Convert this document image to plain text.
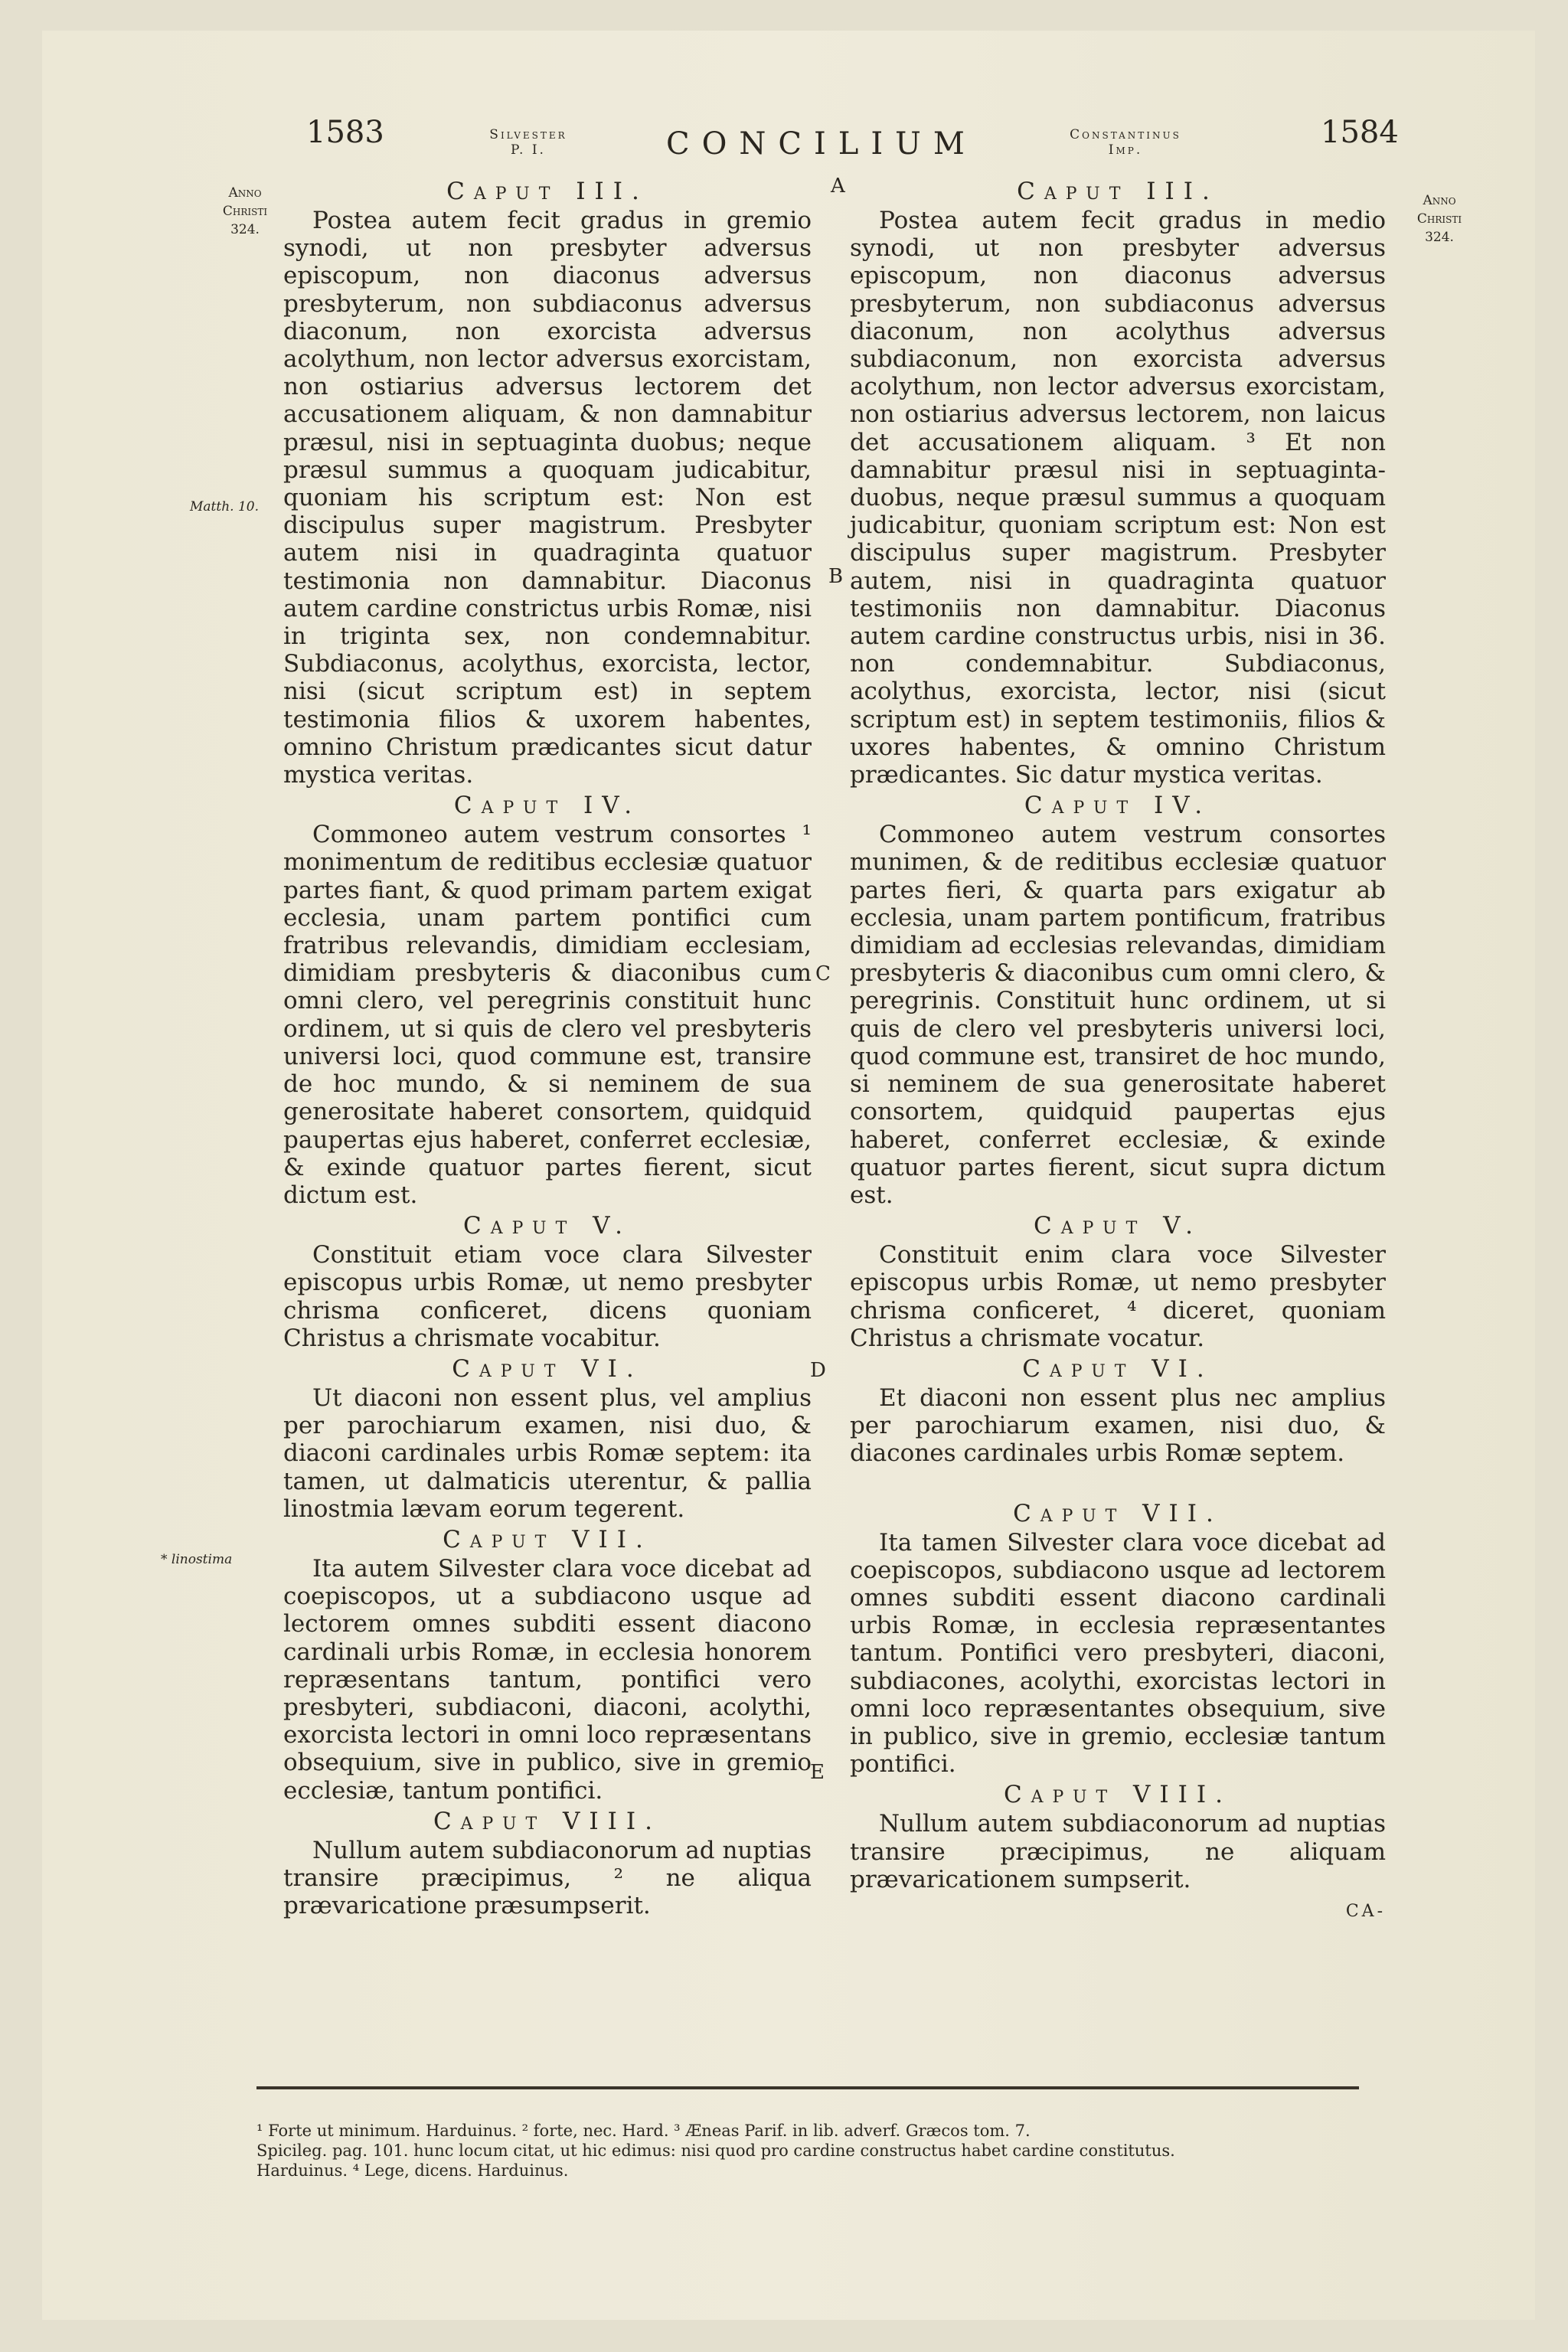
1583	Silvester
P. I.	CONCILIUM	Constantinus
Imp.	1584
Anno
Christi
324.
Anno
Christi
324.
Matth. 10.
* linostima
A
B
C
D
E
Caput III.

Postea autem fecit gradus in gremio synodi, ut non presbyter adversus episcopum, non diaconus adversus presbyterum, non subdiaconus adversus diaconum, non exorcista adversus acolythum, non lector adversus exorcistam, non ostiarius adversus lectorem det accusationem aliquam, & non damnabitur præsul, nisi in septuaginta duobus; neque præsul summus a quoquam judicabitur, quoniam his scriptum est: Non est discipulus super magistrum. Presbyter autem nisi in quadraginta quatuor testimonia non damnabitur. Diaconus autem cardine constrictus urbis Romæ, nisi in triginta sex, non condemnabitur. Subdiaconus, acolythus, exorcista, lector, nisi (sicut scriptum est) in septem testimonia filios & uxorem habentes, omnino Christum prædicantes sicut datur mystica veritas.

Caput IV.

Commoneo autem vestrum consortes ¹ monimentum de reditibus ecclesiæ quatuor partes fiant, & quod primam partem exigat ecclesia, unam partem pontifici cum fratribus relevandis, dimidiam ecclesiam, dimidiam presbyteris & diaconibus cum omni clero, vel peregrinis constituit hunc ordinem, ut si quis de clero vel presbyteris universi loci, quod commune est, transire de hoc mundo, & si neminem de sua generositate haberet consortem, quidquid paupertas ejus haberet, conferret ecclesiæ, & exinde quatuor partes fierent, sicut dictum est.

Caput V.

Constituit etiam voce clara Silvester episcopus urbis Romæ, ut nemo presbyter chrisma conficeret, dicens quoniam Christus a chrismate vocabitur.

Caput VI.

Ut diaconi non essent plus, vel amplius per parochiarum examen, nisi duo, & diaconi cardinales urbis Romæ septem: ita tamen, ut dalmaticis uterentur, & pallia linostmia lævam eorum tegerent.

Caput VII.

Ita autem Silvester clara voce dicebat ad coepiscopos, ut a subdiacono usque ad lectorem omnes subditi essent diacono cardinali urbis Romæ, in ecclesia honorem repræsentans tantum, pontifici vero presbyteri, subdiaconi, diaconi, acolythi, exorcista lectori in omni loco repræsentans obsequium, sive in publico, sive in gremio ecclesiæ, tantum pontifici.

Caput VIII.

Nullum autem subdiaconorum ad nuptias transire præcipimus, ² ne aliqua prævaricatione præsumpserit.

Caput III.

Postea autem fecit gradus in medio synodi, ut non presbyter adversus episcopum, non diaconus adversus presbyterum, non subdiaconus adversus diaconum, non acolythus adversus subdiaconum, non exorcista adversus acolythum, non lector adversus exorcistam, non ostiarius adversus lectorem, non laicus det accusationem aliquam. ³ Et non damnabitur præsul nisi in septuaginta-duobus, neque præsul summus a quoquam judicabitur, quoniam scriptum est: Non est discipulus super magistrum. Presbyter autem, nisi in quadraginta quatuor testimoniis non damnabitur. Diaconus autem cardine constructus urbis, nisi in 36. non condemnabitur. Subdiaconus, acolythus, exorcista, lector, nisi (sicut scriptum est) in septem testimoniis, filios & uxores habentes, & omnino Christum prædicantes. Sic datur mystica veritas.

Caput IV.

Commoneo autem vestrum consortes munimen, & de reditibus ecclesiæ quatuor partes fieri, & quarta pars exigatur ab ecclesia, unam partem pontificum, fratribus dimidiam ad ecclesias relevandas, dimidiam presbyteris & diaconibus cum omni clero, & peregrinis. Constituit hunc ordinem, ut si quis de clero vel presbyteris universi loci, quod commune est, transiret de hoc mundo, si neminem de sua generositate haberet consortem, quidquid paupertas ejus haberet, conferret ecclesiæ, & exinde quatuor partes fierent, sicut supra dictum est.

Caput V.

Constituit enim clara voce Silvester episcopus urbis Romæ, ut nemo presbyter chrisma conficeret, ⁴ diceret, quoniam Christus a chrismate vocatur.

Caput VI.

Et diaconi non essent plus nec amplius per parochiarum examen, nisi duo, & diacones cardinales urbis Romæ septem.

Caput VII.

Ita tamen Silvester clara voce dicebat ad coepiscopos, subdiacono usque ad lectorem omnes subditi essent diacono cardinali urbis Romæ, in ecclesia repræsentantes tantum. Pontifici vero presbyteri, diaconi, subdiacones, acolythi, exorcistas lectori in omni loco repræsentantes obsequium, sive in publico, sive in gremio, ecclesiæ tantum pontifici.

Caput VIII.

Nullum autem subdiaconorum ad nuptias transire præcipimus, ne aliquam prævaricationem sumpserit.

CA-
¹ Forte ut minimum. Harduinus. ² forte, nec. Hard. ³ Æneas Parif. in lib. adverf. Græcos tom. 7.
Spicileg. pag. 101. hunc locum citat, ut hic edimus: nisi quod pro cardine constructus habet cardine constitutus.
Harduinus. ⁴ Lege, dicens. Harduinus.
